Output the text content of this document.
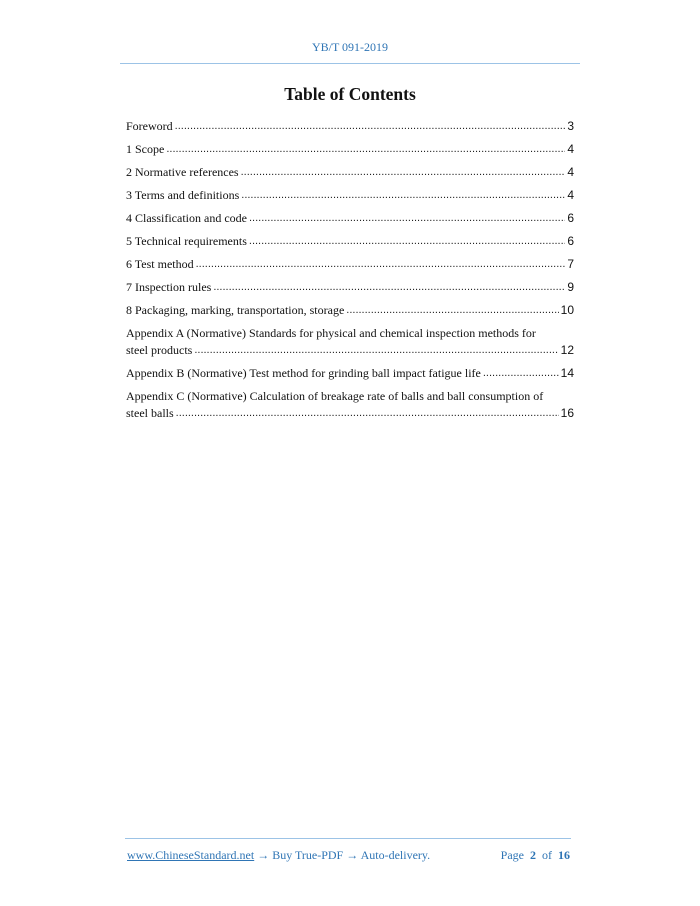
YB/T 091-2019
Table of Contents
Foreword .....	3
1 Scope .....	4
2 Normative references .....	4
3 Terms and definitions .....	4
4 Classification and code .....	6
5 Technical requirements .....	6
6 Test method .....	7
7 Inspection rules .....	9
8 Packaging, marking, transportation, storage .....	10
Appendix A (Normative) Standards for physical and chemical inspection methods for
steel products .....	12
Appendix B (Normative) Test method for grinding ball impact fatigue life .....	14
Appendix C (Normative) Calculation of breakage rate of balls and ball consumption of
steel balls .....	16
www.ChineseStandard.net → Buy True-PDF → Auto-delivery.	Page 2 of 16
